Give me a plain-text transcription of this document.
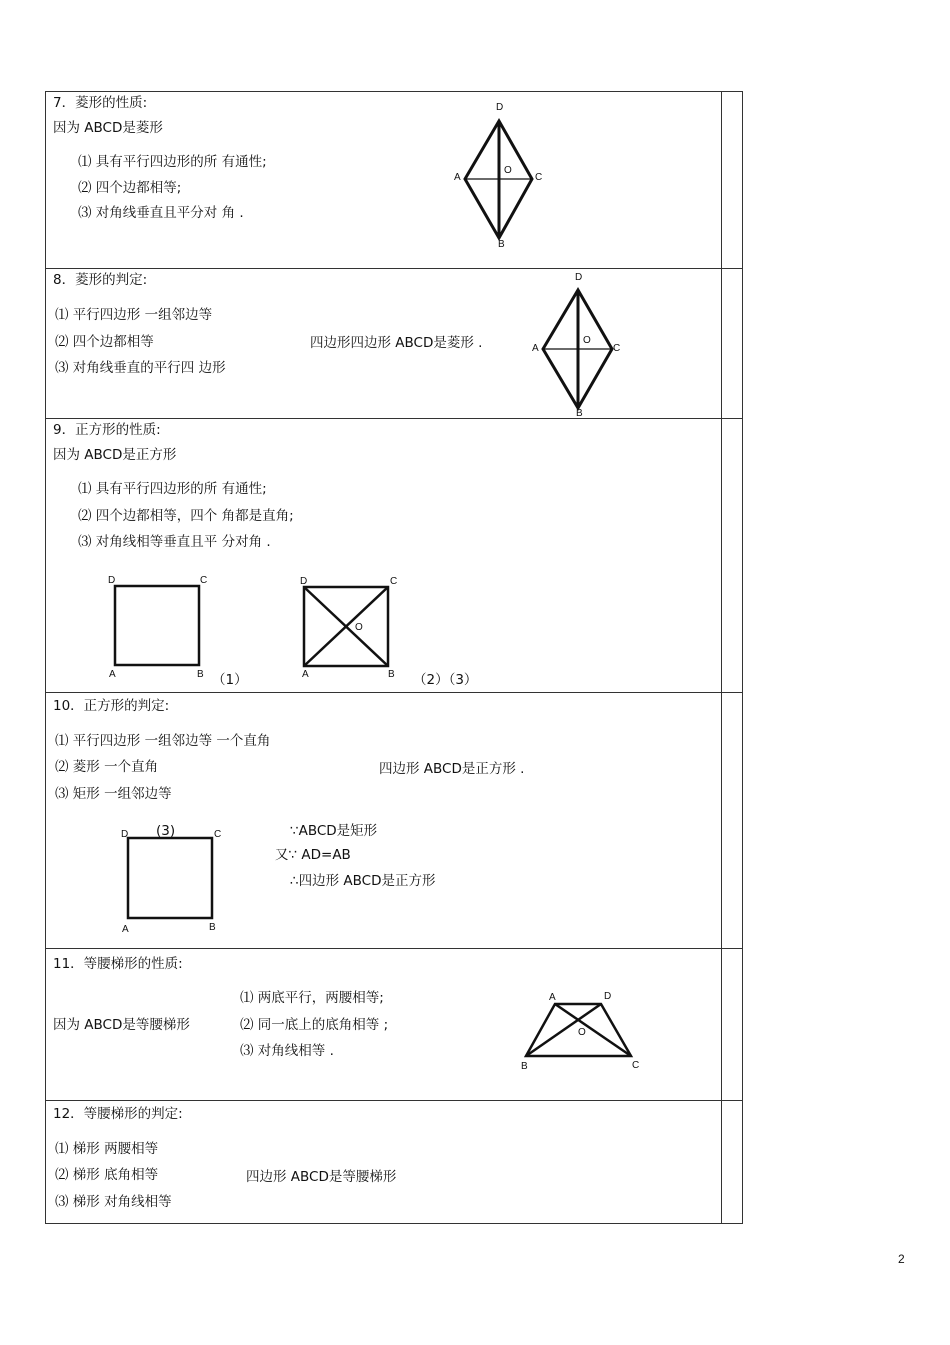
7．菱形的性质:
因为 ABCD是菱形
⑴ 具有平行四边形的所 有通性;
⑵ 四个边都相等;
⑶ 对角线垂直且平分对 角 .
D
A
O
C
B
8．菱形的判定:
⑴ 平行四边形 一组邻边等
⑵ 四个边都相等
⑶ 对角线垂直的平行四 边形
四边形四边形 ABCD是菱形 .
D
A
O
C
B
9．正方形的性质:
因为 ABCD是正方形
⑴ 具有平行四边形的所 有通性;
⑵ 四个边都相等，四个 角都是直角;
⑶ 对角线相等垂直且平 分对角 .
D	C
A	B （1）
D	C
O
A	B （2）（3）
10．正方形的判定:
⑴ 平行四边形 一组邻边等 一个直角
⑵ 菱形 一个直角
⑶ 矩形 一组邻边等
四边形 ABCD是正方形 .
(3)
D	C
A	B
∵ABCD是矩形
又∵ AD=AB
∴四边形 ABCD是正方形
11．等腰梯形的性质:
因为 ABCD是等腰梯形
⑴ 两底平行，两腰相等;
⑵ 同一底上的底角相等 ;
⑶ 对角线相等 .
A	D
O
B	C
12．等腰梯形的判定:
⑴ 梯形 两腰相等
⑵ 梯形 底角相等
⑶ 梯形 对角线相等
四边形 ABCD是等腰梯形
2
